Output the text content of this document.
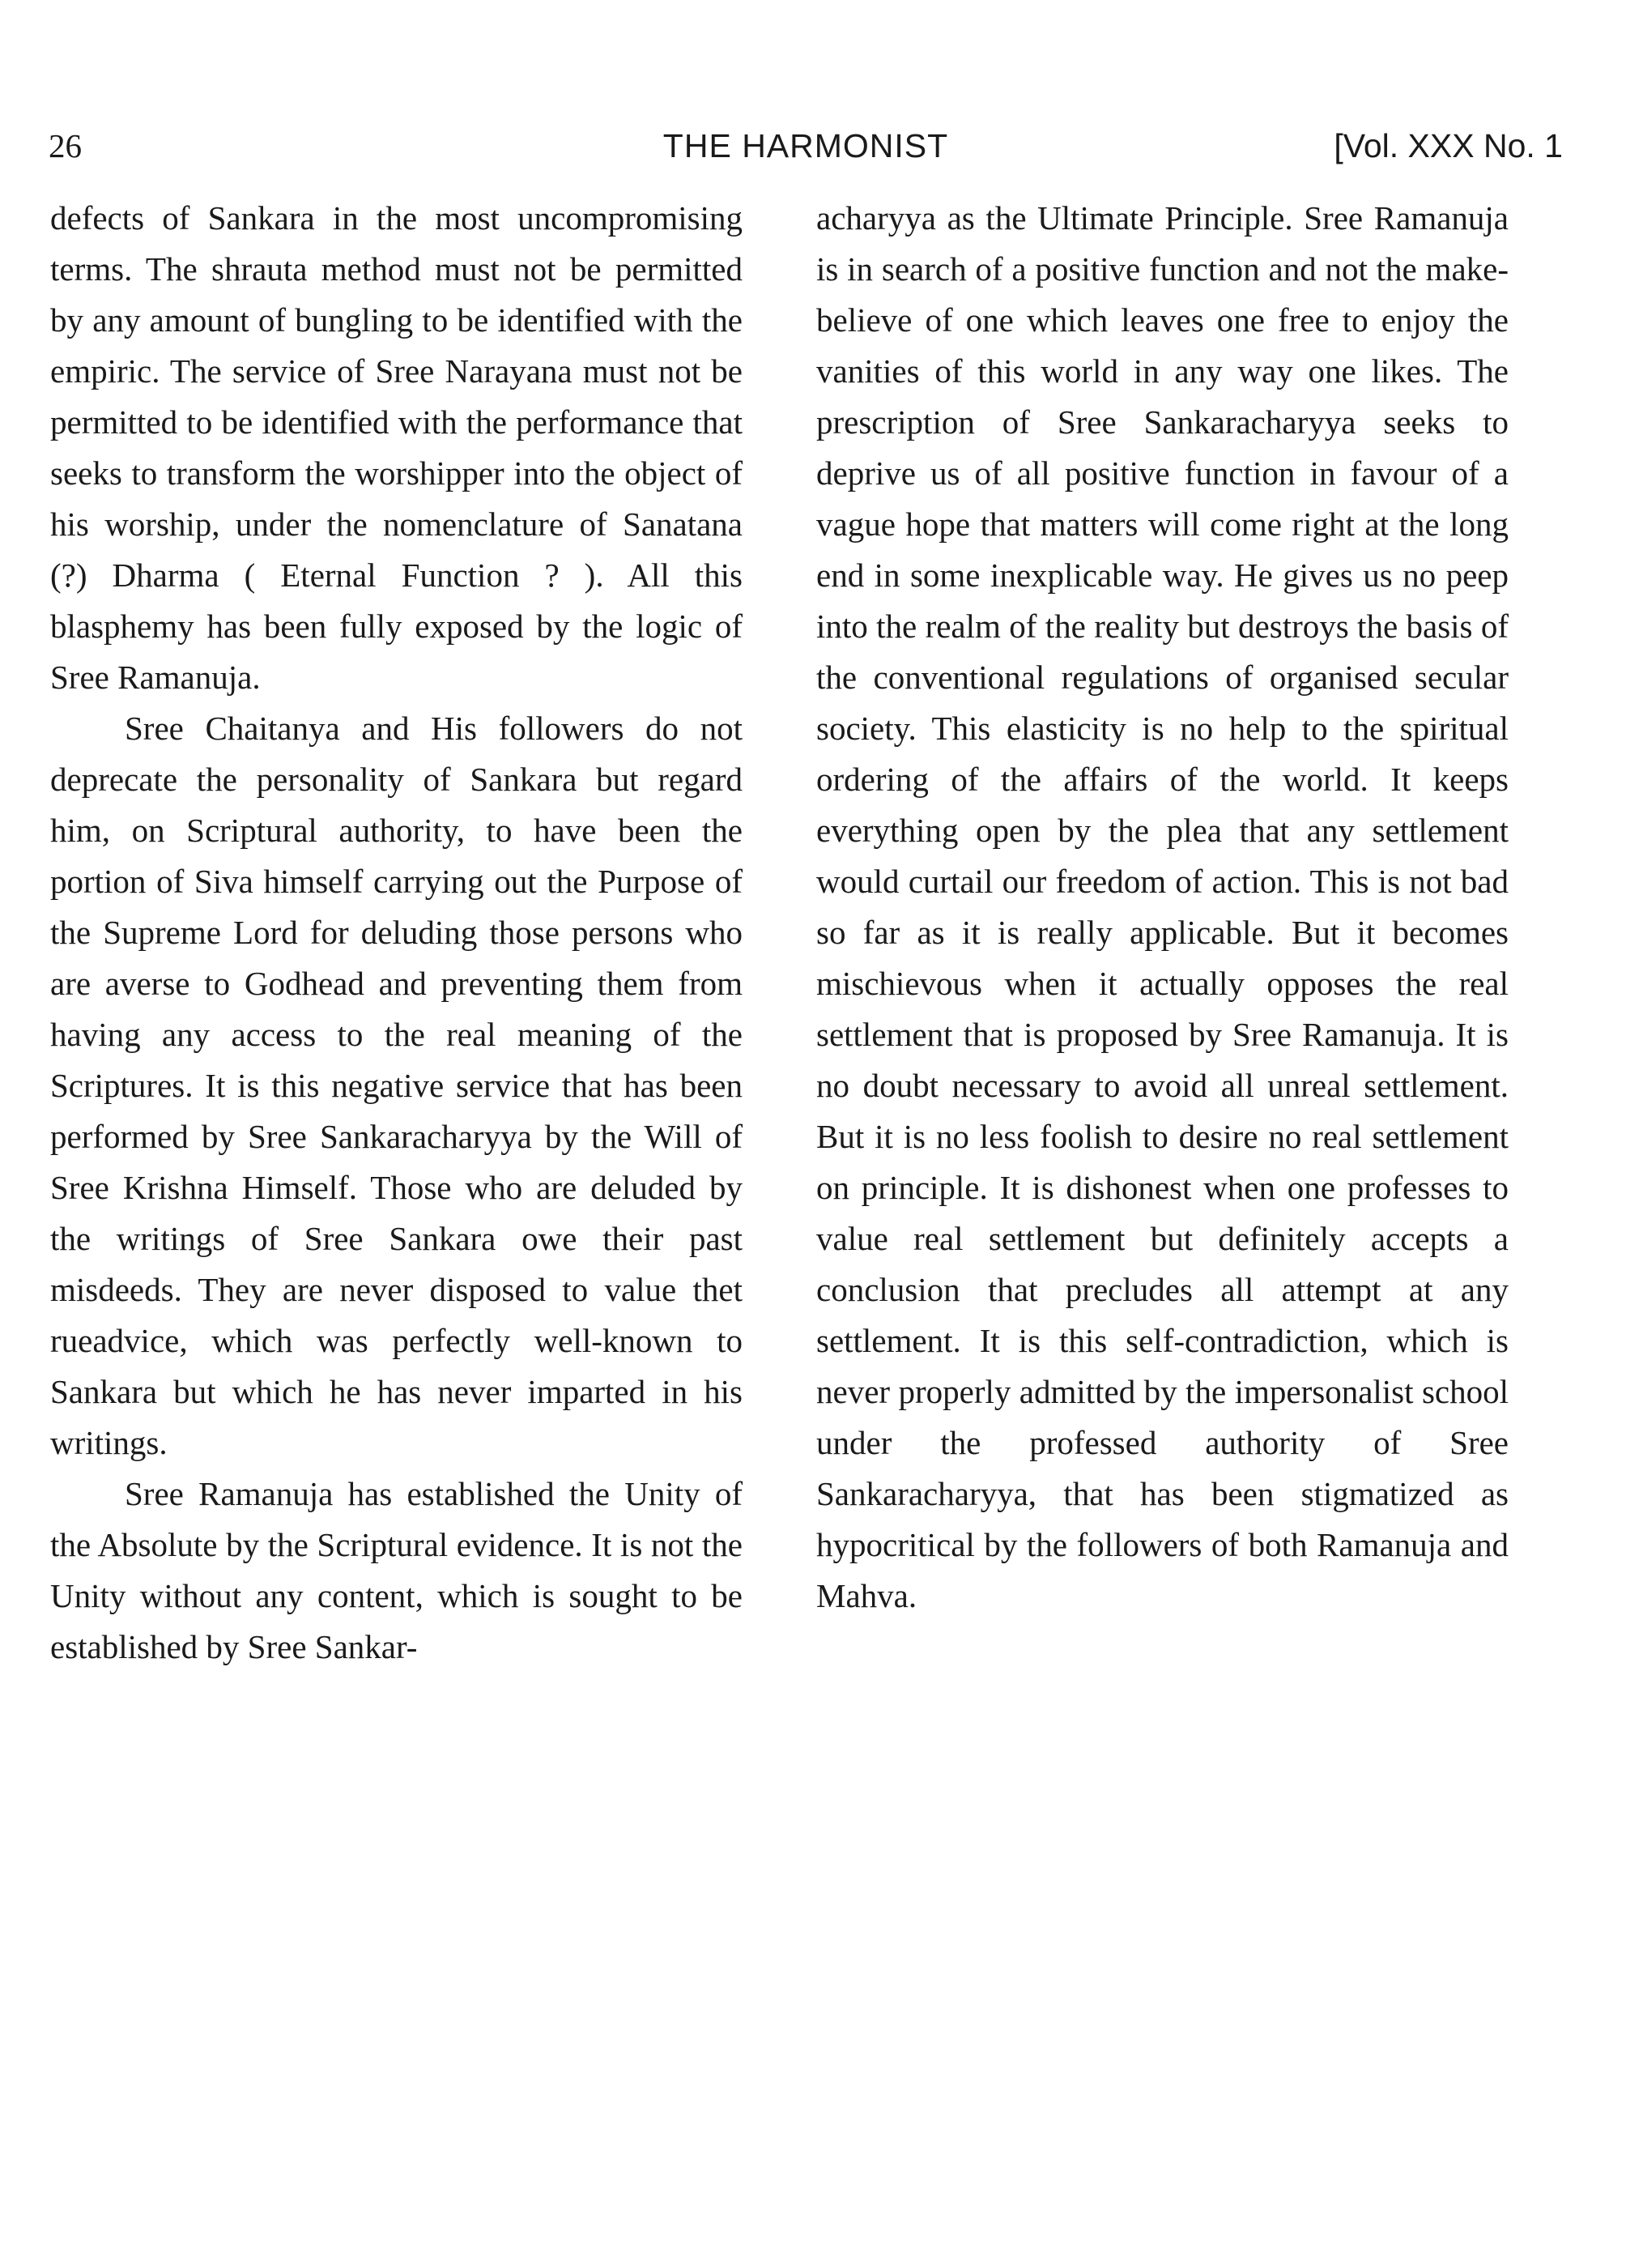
26	THE HARMONIST	[Vol. XXX No. 1

defects of Sankara in the most uncompromising terms. The shrauta method must not be permitted by any amount of bungling to be identified with the empiric. The service of Sree Narayana must not be permitted to be identified with the performance that seeks to transform the worshipper into the object of his worship, under the nomenclature of Sanatana (?) Dharma ( Eternal Function ? ). All this blasphemy has been fully exposed by the logic of Sree Ramanuja.

Sree Chaitanya and His followers do not deprecate the personality of Sankara but regard him, on Scriptural authority, to have been the portion of Siva himself carrying out the Purpose of the Supreme Lord for deluding those persons who are averse to Godhead and preventing them from having any access to the real meaning of the Scriptures. It is this negative service that has been performed by Sree Sankaracharyya by the Will of Sree Krishna Himself. Those who are deluded by the writings of Sree Sankara owe their past misdeeds. They are never disposed to value thet rueadvice, which was perfectly well-known to Sankara but which he has never imparted in his writings.

Sree Ramanuja has established the Unity of the Absolute by the Scriptural evidence. It is not the Unity without any content, which is sought to be established by Sree Sankar-

acharyya as the Ultimate Principle. Sree Ramanuja is in search of a positive function and not the make-believe of one which leaves one free to enjoy the vanities of this world in any way one likes. The prescription of Sree Sankaracharyya seeks to deprive us of all positive function in favour of a vague hope that matters will come right at the long end in some inexplicable way. He gives us no peep into the realm of the reality but destroys the basis of the conventional regulations of organised secular society. This elasticity is no help to the spiritual ordering of the affairs of the world. It keeps everything open by the plea that any settlement would curtail our freedom of action. This is not bad so far as it is really applicable. But it becomes mischievous when it actually opposes the real settlement that is proposed by Sree Ramanuja. It is no doubt necessary to avoid all unreal settlement. But it is no less foolish to desire no real settlement on principle. It is dishonest when one professes to value real settlement but definitely accepts a conclusion that precludes all attempt at any settlement. It is this self-contradiction, which is never properly admitted by the impersonalist school under the professed authority of Sree Sankaracharyya, that has been stigmatized as hypocritical by the followers of both Ramanuja and Mahva.
